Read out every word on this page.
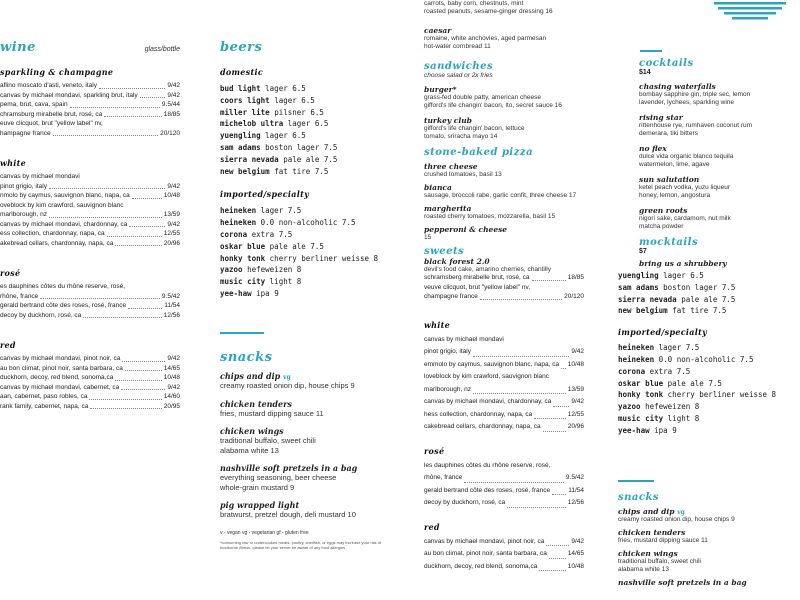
wine	glass/bottle
sparkling & champagne
aflino moscato d'asti, veneto, italy	9/42
canvas by michael mondavi, sparkling brut, italy	9/42
pema, brut, cava, spain	9.5/44
chramsburg mirabelle brut, rosé, ca	18/85
euve clicquot, brut "yellow label" nv,
hampagne france	20/120
white
canvas by michael mondavi
pinot grigio, italy	9/42
nmolo by caymus, sauvignon blanc, napa, ca	10/48
oveblock by kim crawford, sauvignon blanc
marlborough, nz	13/59
canvas by michael mondavi, chardonnay, ca	9/42
ess collection, chardonnay, napa, ca	12/55
akebread cellars, chardonnay, napa, ca	20/96
rosé
es dauphines côtes du rhône reserve, rosé,
rhône, france	9.5/42
gerald bertrand côte des roses, rosé, france	11/54
decoy by duckhorn, rosé, ca	12/56
red
canvas by michael mondavi, pinot noir, ca	9/42
au bon climat, pinot noir, santa barbara, ca	14/65
duckhorn, decoy, red blend, sonoma,ca	10/48
canvas by michael mondavi, cabernet, ca	9/42
aan, cabernet, paso robles, ca	14/60
rank family, cabernet, napa, ca	20/95
beers
domestic
bud light lager 6.5
coors light lager 6.5
miller lite pilsner 6.5
michelob ultra lager 6.5
yuengling lager 6.5
sam adams boston lager 7.5
sierra nevada pale ale 7.5
new belgium fat tire 7.5
imported/specialty
heineken lager 7.5
heineken 0.0 non-alcoholic 7.5
corona extra 7.5
oskar blue pale ale 7.5
honky tonk cherry berliner weisse 8
yazoo hefeweizen 8
music city light 8
yee-haw ipa 9
snacks
chips and dip vg
creamy roasted onion dip, house chips 9
chicken tenders
fries, mustard dipping sauce 11
chicken wings
traditional buffalo, sweet chili
alabama white 13
nashville soft pretzels in a bag
everything seasoning, beer cheese
whole-grain mustard 9
pig wrapped light
bratwurst, pretzel dough, deli mustard 10
v - vegan vg - vegetarian gf - gluten free
*consuming raw or undercooked meats, poultry, shellfish, or eggs may increase your risk of foodborne illness, please let your server be aware of any food allergies
carrots, baby corn, chestnuts, mint
roasted peanuts, sesame-ginger dressing 16
caesar
romaine, white anchovies, aged parmesan
hot-water cornbread 11
sandwiches
choose salad or 2x fries
burger*
grass-fed double patty, american cheese
gifford's life changin' bacon, lto, secret sauce 16
turkey club
gifford's life changin' bacon, lettuce
tomato, sriracha mayo 14
stone-baked pizza
three cheese
crushed tomatoes, basil 13
bianca
sausage, broccoli rabe, garlic confit, three cheese 17
margherita
roasted cherry tomatoes, mozzarella, basil 15
pepperoni & cheese
15
sweets
black forest 2.0
devil's food cake, amarino cherries, chantilly
schramsberg mirabelle brut, rosé, ca	18/85
veuve clicquot, brut "yellow label" nv,
champagne france	20/120
white
canvas by michael mondavi
pinot grigio, italy	9/42
emmolo by caymus, sauvignon blanc, napa, ca 10/48
loveblock by kim crawford, sauvignon blanc
marlborough, nz	13/59
canvas by michael mondavi, chardonnay, ca	9/42
hess collection, chardonnay, napa, ca	12/55
cakebread cellars, chardonnay, napa, ca	20/96
rosé
les dauphines côtes du rhône reserve, rosé,
rhône, france	9.5/42
gerald bertrand côte des roses, rosé, france	11/54
decoy by duckhorn, rosé, ca	12/56
red
canvas by michael mondavi, pinot noir, ca	9/42
au bon climat, pinot noir, santa barbara, ca	14/65
duckhorn, decoy, red blend, sonoma,ca	10/48
cocktails
$14
chasing waterfalls
bombay sapphire gin, triple sec, lemon
lavender, lychees, sparkling wine
rising star
rittenhouse rye, rumhaven coconut rum
demerara, tiki bitters
no flex
dulce vida organic blanco tequila
watermelon, lime, agave
sun salutation
ketel peach vodka, yuzu liqueur
honey, lemon, angostura
green roots
nigori sake, cardamom, nut milk
matcha powder
mocktails
$7
bring us a shrubbery
yuengling lager 6.5
sam adams boston lager 7.5
sierra nevada pale ale 7.5
new belgium fat tire 7.5
imported/specialty
heineken lager 7.5
heineken 0.0 non-alcoholic 7.5
corona extra 7.5
oskar blue pale ale 7.5
honky tonk cherry berliner weisse 8
yazoo hefeweizen 8
music city light 8
yee-haw ipa 9
snacks
chips and dip vg
creamy roasted onion dip, house chips 9
chicken tenders
fries, mustard dipping sauce 11
chicken wings
traditional buffalo, sweet chili
alabama white 13
nashville soft pretzels in a bag
